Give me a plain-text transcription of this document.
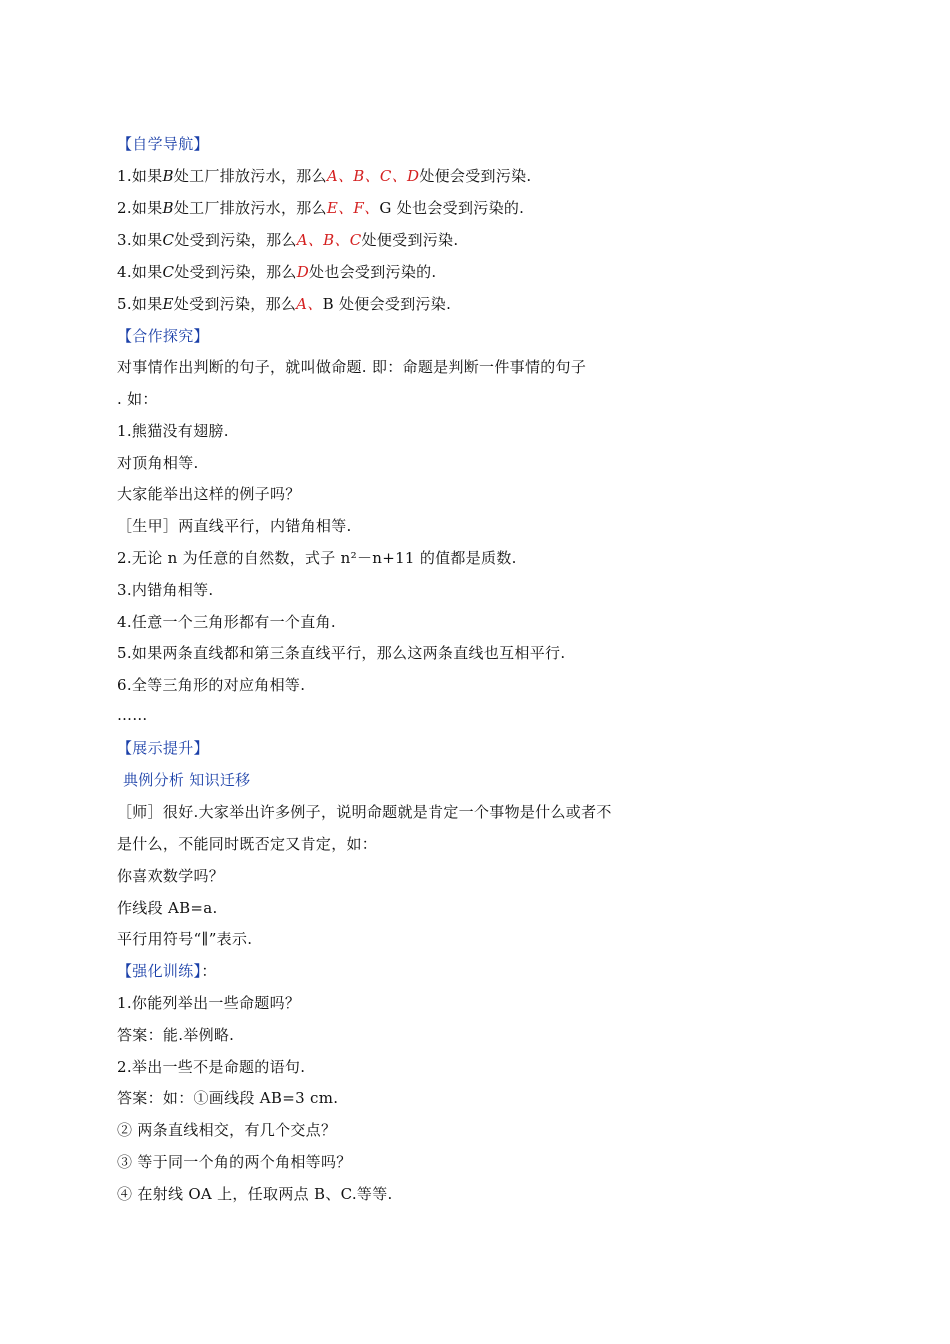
【自学导航】
1.如果B处工厂排放污水，那么A、B、C、D处便会受到污染.
2.如果B处工厂排放污水，那么E、F、G 处也会受到污染的.
3.如果C处受到污染，那么A、B、C处便受到污染.
4.如果C处受到污染，那么D处也会受到污染的.
5.如果E处受到污染，那么A、B 处便会受到污染.
【合作探究】
对事情作出判断的句子，就叫做命题. 即：命题是判断一件事情的句子
. 如：
1.熊猫没有翅膀.
对顶角相等.
大家能举出这样的例子吗？
［生甲］两直线平行，内错角相等.
2.无论 n 为任意的自然数，式子 n²－n+11 的值都是质数.
3.内错角相等.
4.任意一个三角形都有一个直角.
5.如果两条直线都和第三条直线平行，那么这两条直线也互相平行.
6.全等三角形的对应角相等.
……
【展示提升】
典例分析 知识迁移
［师］很好.大家举出许多例子，说明命题就是肯定一个事物是什么或者不
是什么，不能同时既否定又肯定，如：
你喜欢数学吗？
作线段 AB=a.
平行用符号“∥”表示.
【强化训练】：
1.你能列举出一些命题吗？
答案：能.举例略.
2.举出一些不是命题的语句.
答案：如：①画线段 AB=3 cm.
② 两条直线相交，有几个交点？
③ 等于同一个角的两个角相等吗？
④ 在射线 OA 上，任取两点 B、C.等等.
